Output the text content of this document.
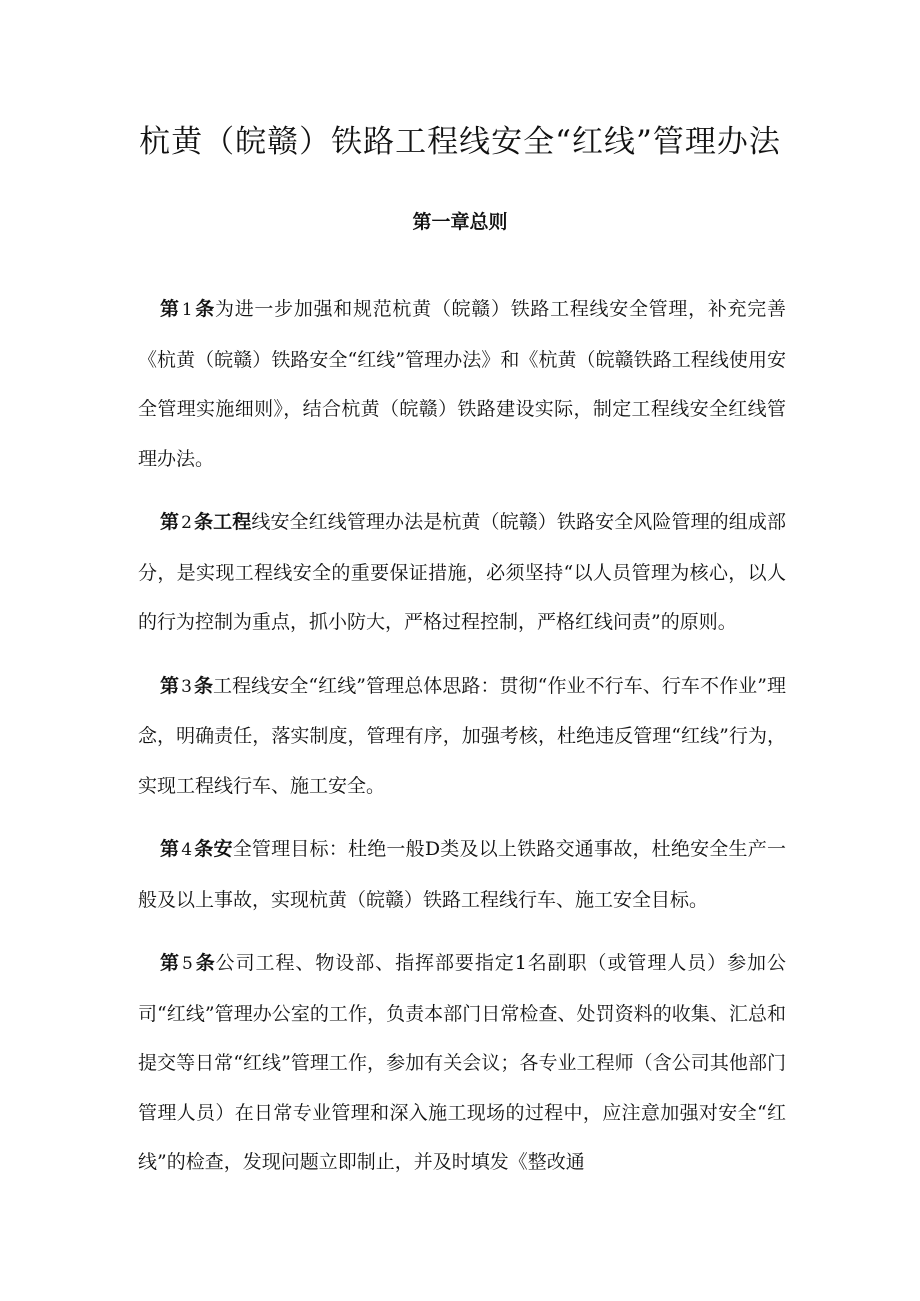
杭黄（皖赣）铁路工程线安全“红线”管理办法
第一章总则

第 1 条为进一步加强和规范杭黄（皖赣）铁路工程线安全管理，补充完善《杭黄（皖赣）铁路安全“红线”管理办法》和《杭黄（皖赣铁路工程线使用安全管理实施细则》，结合杭黄（皖赣）铁路建设实际，制定工程线安全红线管理办法。

第 2 条工程线安全红线管理办法是杭黄（皖赣）铁路安全风险管理的组成部分，是实现工程线安全的重要保证措施，必须坚持“以人员管理为核心，以人的行为控制为重点，抓小防大，严格过程控制，严格红线问责”的原则。

第 3 条工程线安全“红线”管理总体思路：贯彻“作业不行车、行车不作业”理念，明确责任，落实制度，管理有序，加强考核，杜绝违反管理“红线”行为，实现工程线行车、施工安全。

第 4 条安全管理目标：杜绝一般D类及以上铁路交通事故，杜绝安全生产一般及以上事故，实现杭黄（皖赣）铁路工程线行车、施工安全目标。

第 5 条公司工程、物设部、指挥部要指定1名副职（或管理人员）参加公司“红线”管理办公室的工作，负责本部门日常检查、处罚资料的收集、汇总和提交等日常“红线”管理工作，参加有关会议；各专业工程师（含公司其他部门管理人员）在日常专业管理和深入施工现场的过程中，应注意加强对安全“红线”的检查，发现问题立即制止，并及时填发《整改通
